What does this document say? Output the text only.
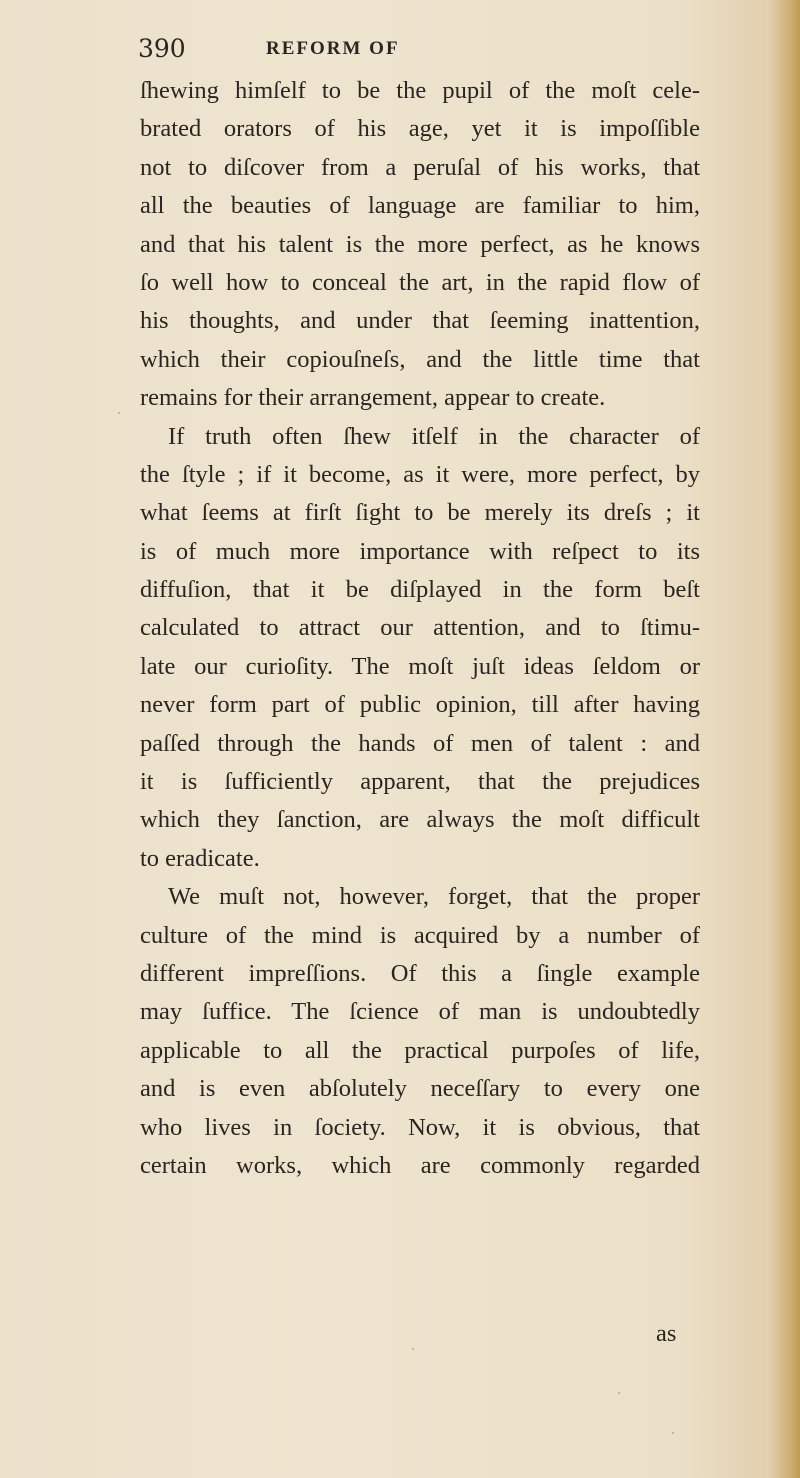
390	REFORM OF
ſhewing himſelf to be the pupil of the moſt cele-
brated orators of his age, yet it is impoſſible
not to diſcover from a peruſal of his works, that
all the beauties of language are familiar to him,
and that his talent is the more perfect, as he knows
ſo well how to conceal the art, in the rapid flow of
his thoughts, and under that ſeeming inattention,
which their copiouſneſs, and the little time that
remains for their arrangement, appear to create.
If truth often ſhew itſelf in the character of
the ſtyle ; if it become, as it were, more perfect, by
what ſeems at firſt ſight to be merely its dreſs ; it
is of much more importance with reſpect to its
diffuſion, that it be diſplayed in the form beſt
calculated to attract our attention, and to ſtimu-
late our curioſity. The moſt juſt ideas ſeldom or
never form part of public opinion, till after having
paſſed through the hands of men of talent : and
it is ſufficiently apparent, that the prejudices
which they ſanction, are always the moſt difficult
to eradicate.
We muſt not, however, forget, that the proper
culture of the mind is acquired by a number of
different impreſſions. Of this a ſingle example
may ſuffice. The ſcience of man is undoubtedly
applicable to all the practical purpoſes of life,
and is even abſolutely neceſſary to every one
who lives in ſociety. Now, it is obvious, that
certain works, which are commonly regarded
as
